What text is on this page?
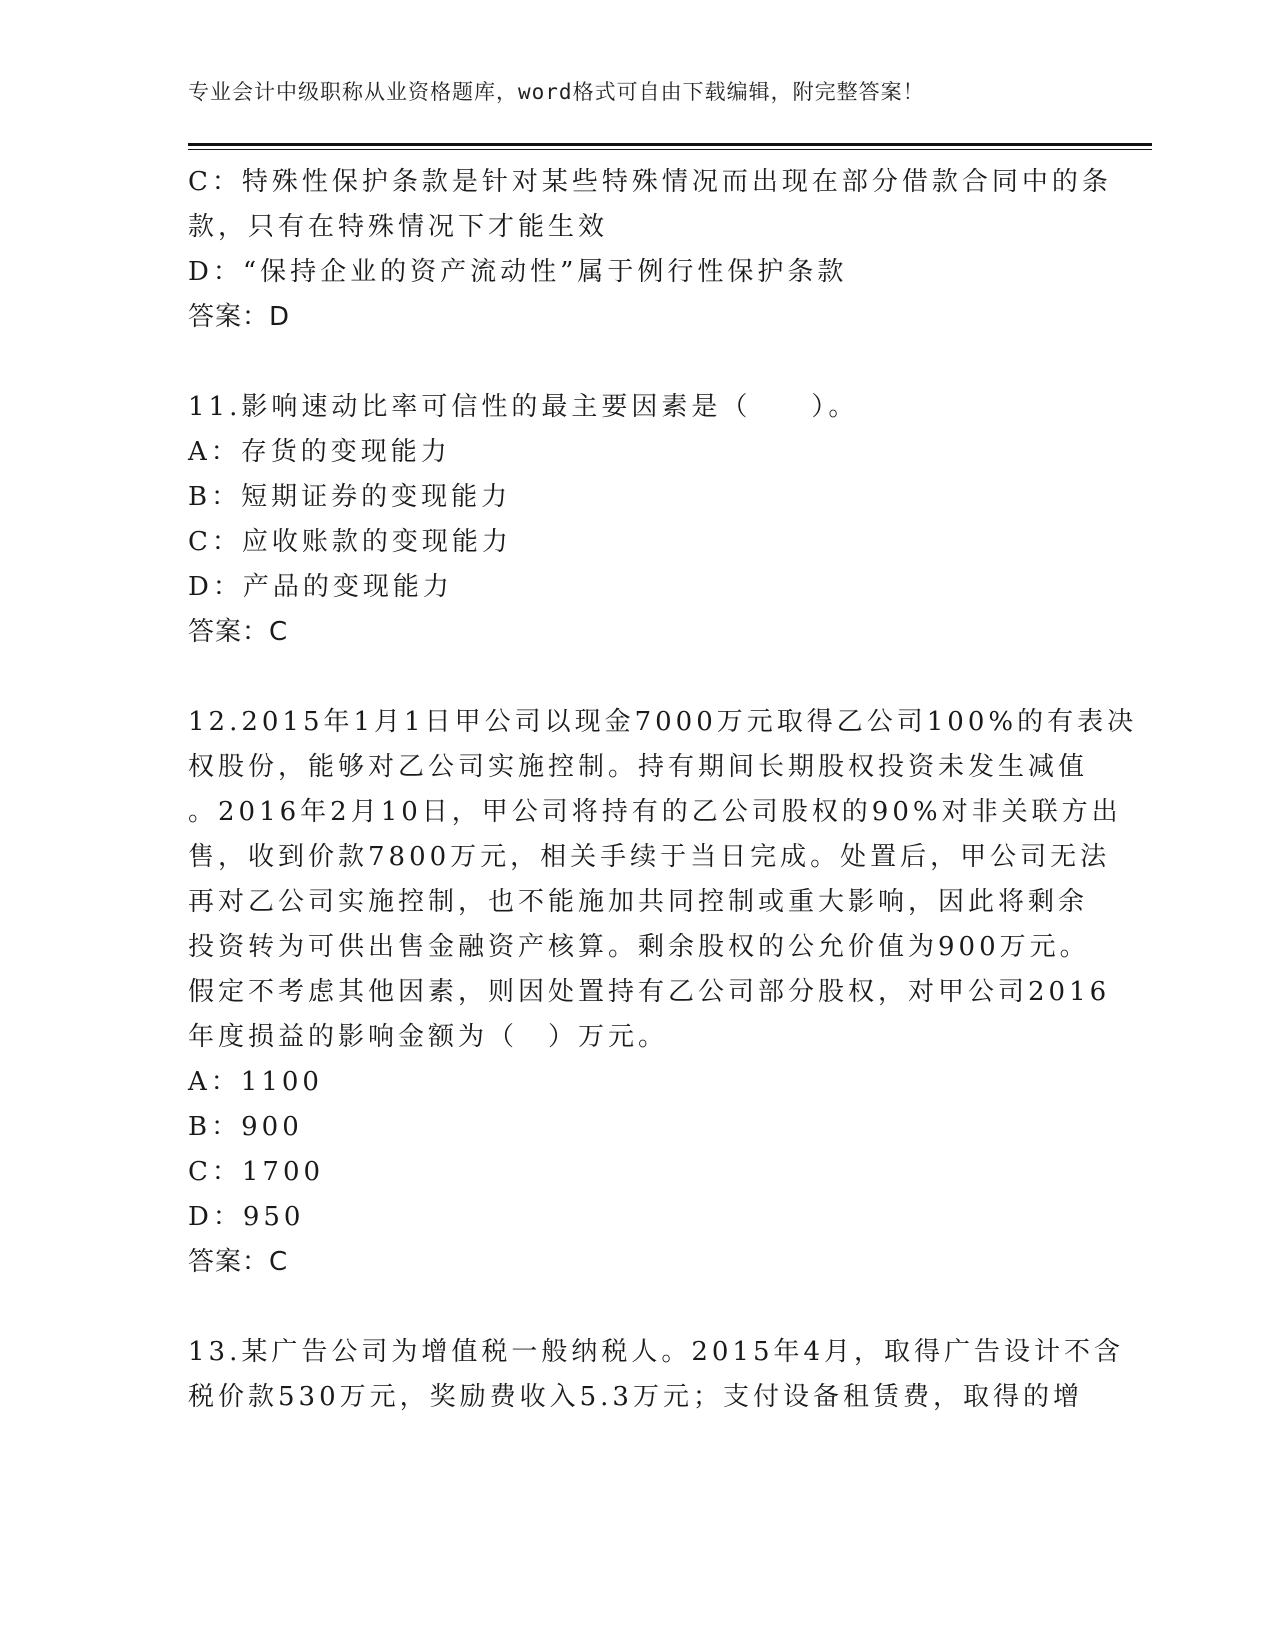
专业会计中级职称从业资格题库，word格式可自由下载编辑，附完整答案！
C：特殊性保护条款是针对某些特殊情况而出现在部分借款合同中的条
款，只有在特殊情况下才能生效
D：“保持企业的资产流动性”属于例行性保护条款
答案：D
11.影响速动比率可信性的最主要因素是（　　）。
A：存货的变现能力
B：短期证券的变现能力
C：应收账款的变现能力
D：产品的变现能力
答案：C
12.2015年1月1日甲公司以现金7000万元取得乙公司100%的有表决
权股份，能够对乙公司实施控制。持有期间长期股权投资未发生减值
。2016年2月10日，甲公司将持有的乙公司股权的90%对非关联方出
售，收到价款7800万元，相关手续于当日完成。处置后，甲公司无法
再对乙公司实施控制，也不能施加共同控制或重大影响，因此将剩余
投资转为可供出售金融资产核算。剩余股权的公允价值为900万元。
假定不考虑其他因素，则因处置持有乙公司部分股权，对甲公司2016
年度损益的影响金额为（　）万元。
A：1100
B：900
C：1700
D：950
答案：C
13.某广告公司为增值税一般纳税人。2015年4月，取得广告设计不含
税价款530万元，奖励费收入5.3万元；支付设备租赁费，取得的增
